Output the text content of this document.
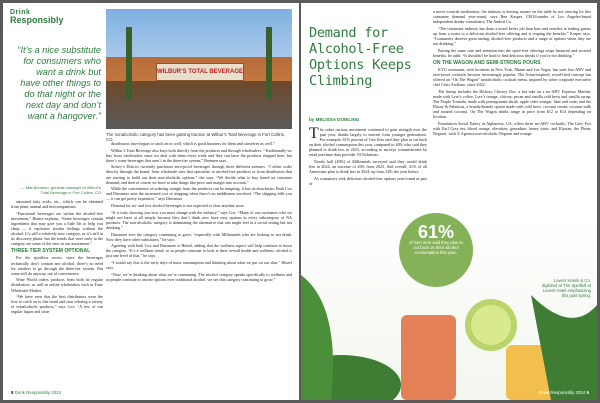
Drink
Responsibly
“It’s a nice substitute for consumers who want a drink but have other things to do that night or the next day and don’t want a hangover.”
— Mat Brennen, general manager of Wilbur’s Total Beverage in Fort Collins, CO
WILBUR’S TOTAL BEVERAGE
The nonalcoholic category has been gaining traction at Wilbur’s Total Beverage in Fort Collins, CO.

saturated fatty acids, etc., which can be obtained from plant, animal and microorganisms.

“Functional beverages are within the alcohol-free movement,” Bonita explains. “Some beverages contain ingredients that may give you a little lift or help you sleep — it replicates similar feelings without the alcohol. It’s still a relatively new category, as it’s still in its discovery phase, but the trends that were early to the category are some of the ones in our assortment.”

THREE-TIER SYSTEM OPTIONAL

For the spiritless sector, since the beverages technically don’t contain any alcohol, there’s no need for retailers to go through the three-tier system. But some still do anyway, out of convenience.

Wine World orders products from both its regular distributors, as well as online wholesalers such as Faire Wholesale Market.

“We have seen that the best distributors were the first to catch on to this trend and start offering a variety of nonalcoholic products,” says Cox. “A few of our regular liquor and wine

distributors have begun to catch on as well, which is good business for them and ourselves as well.”

Wilbur’s Total Beverage also buys both directly from the producer and through wholesalers. “Traditionally we buy from wholesalers since we deal with them every week and they can have the products shipped here, but there’s some beverages that aren’t in the three-tier system,” Brennen says.

Sickey’s District currently purchases zero-proof beverages through three different avenues. “I either order directly through the brand, from wholesale sites that specialize in alcohol-free products or from distributors that are starting to build out their non-alcoholic options,” she says. “We decide what to buy based on customer demand, and then of course we have to take things like price and margin into account.”

While the convenience of ordering straight from the producer can be tempting, it has its drawbacks. Both Cox and Dinsmore note the increased cost of shipping when there’s no middlemen involved. “The shipping bills you — it can get pretty expensive,” says Dinsmore.

Demand for no- and low-alcohol beverages is not expected to slow anytime soon.

“It is truly showing you how you must change with the industry,” says Cox. “Many of our customers who we might not have at all simply because they don’t drink now have easy options in every subcategory of NA products. The non-alcoholic category is dominating the alternative that one might feel in a social setting but not drinking.”

Dinsmore sees the category continuing to grow, “especially with Millennials who are looking to not drink. Now they have other substitutes,” he says.

Agreeing with both Cox and Dinsmore is Hetzel, adding that the wellness aspect will help continue to boost the category. “It’s a wellness trend, so as people continue to look at their overall health and wellness, alcohol is just one level of that,” he says.

“I would say this is the early days of mass consumption and thinking about what we put on our skin,” Hetzel says.

“Now, we’re thinking about what we’re consuming. The alcohol category speaks specifically to wellness and as people continue to choose options over traditional alcohol, we see this category continuing to grow.”

8 Drink Responsibly 2024
Demand for Alcohol-Free Options Keeps Climbing
by MELISSA DOWLING

The sober curious movement continued to gain strength over the past year, thanks largely to interest from younger generations. For example, 61% percent of Gen Zers said they plan to cut back on their alcohol consumption this year, compared to 40% who said they planned to drink less in 2023, according to surveys commissioned by retail purchase data provider NCSolutions.

Nearly half (49%) of Millennials surveyed said they would drink less in 2024, an increase of 26% from 2023. And overall, 41% of all Americans plan to drink less in 2024, up from 34% the year before.

As consumers seek delicious alcohol-free options year-round as part of

a move towards moderation, the industry is leaving money on the table by not catering for this consumer demand year-round, says Ben Kasper, CEO/founder of Los Angeles-based independent drinks-consultancy The Ambrit Co.

“The restaurant industry has done a much better job than bars and retailers at trading guests up from a water to a delicious alcohol-free offering and is reaping the benefits,” Kasper says. “Consumers deserve great tasting, alcohol-free products and a range of options when they are not drinking.”

Putting the same care and attention into the spirit-free offerings reaps financial and societal benefits, he adds. “It shouldn’t be hard to find delicious drinks if you’re not drinking.”

ON THE WAGON AND SEMI-STRONG POURS

KYU restaurant, with locations in New York, Miami and Las Vegas, has seen low-ABV and zero-proof cocktails become increasingly popular. The Asian-inspired, wood-fired concept has offered an “On The Wagon” nonalcoholic cocktail menu, inspired by sober corporate executive chef Chris Arellano, since 2022.

The lineup includes the Hickory Chicory Doc, a hot take on a no-ABV Espresso Martini, made with Lyre’s coffee, Lyre’s orange, chicory, pecan and vanilla cold brew and vanilla syrup; The Purple Tomoda, made with pomegranate shrub, apple cider vinegar, lime and soda; and the Ebony & Fabulous, a brandy/brandy option made with cold brew, coconut cream, coconut milk and toasted coconut. On The Wagon drinks range in price from $12 to $14 depending on location.

Foundation Social Eatery in Alpharetta, GA, offers three no-ABV cocktails: The Grey Fox with Earl Grey tea, blood orange, elevation, grenadine, honey tonic; and Elysian, the Phony Negroni, with 3/ Agencia non-alcoholic Negroni and orange.

61%
of Gen Zers said they plan to cut back on their alcohol consumption this year.
Lovers Hotels & Co. digitized at The Spiritfull at Lovers Hotel emphasizing this past spring.
Drink Responsibly 2024 9
